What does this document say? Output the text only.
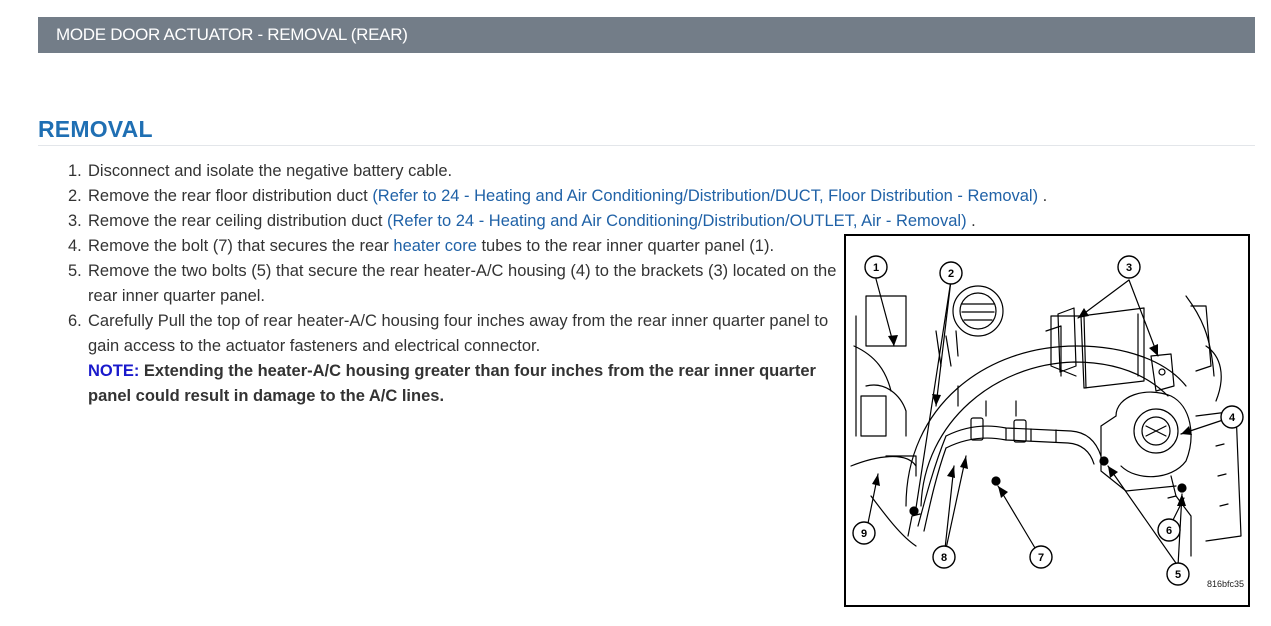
MODE DOOR ACTUATOR - REMOVAL (REAR)
REMOVAL
1. Disconnect and isolate the negative battery cable.
2. Remove the rear floor distribution duct (Refer to 24 - Heating and Air Conditioning/Distribution/DUCT, Floor Distribution - Removal) .
3. Remove the rear ceiling distribution duct (Refer to 24 - Heating and Air Conditioning/Distribution/OUTLET, Air - Removal) .
4. Remove the bolt (7) that secures the rear heater core tubes to the rear inner quarter panel (1).
5. Remove the two bolts (5) that secure the rear heater-A/C housing (4) to the brackets (3) located on the rear inner quarter panel.
6. Carefully Pull the top of rear heater-A/C housing four inches away from the rear inner quarter panel to gain access to the actuator fasteners and electrical connector.
NOTE: Extending the heater-A/C housing greater than four inches from the rear inner quarter panel could result in damage to the A/C lines.
1	2	3
4
5
6
7
8
9
816bfc35
